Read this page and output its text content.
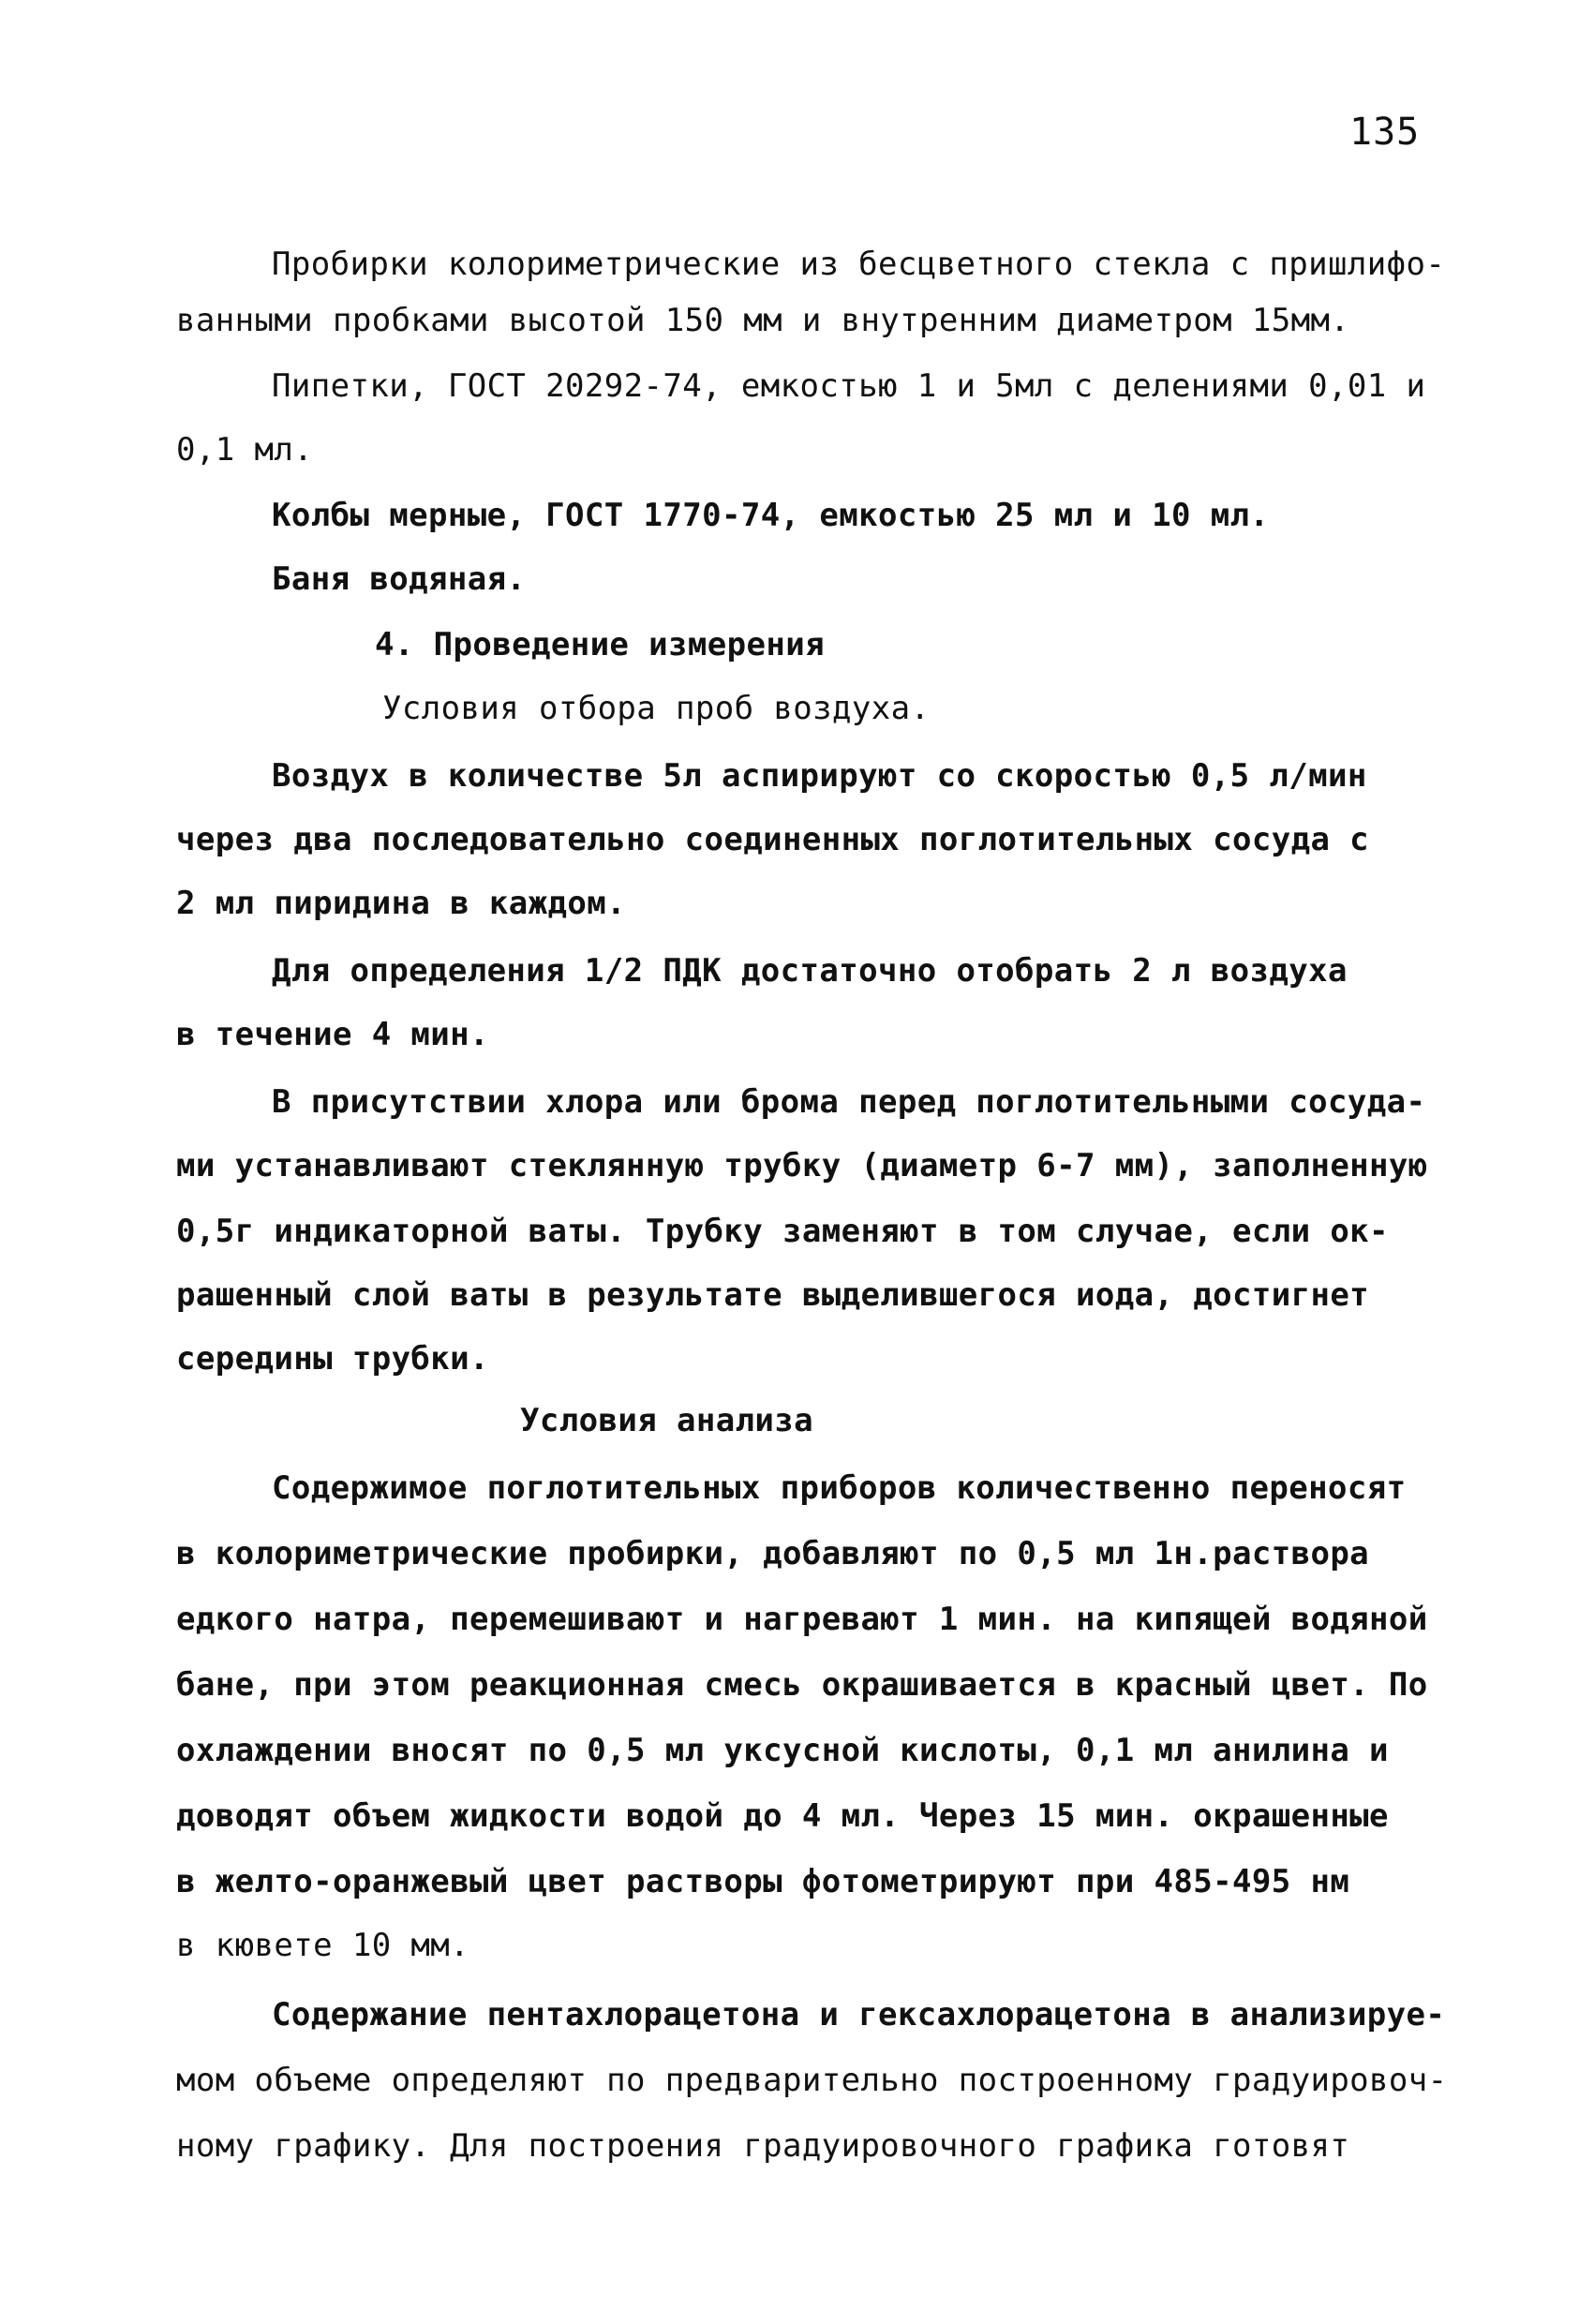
135
Пробирки колориметрические из бесцветного стекла с пришлифо-
ванными пробками высотой 150 мм и внутренним диаметром 15мм.
Пипетки, ГОСТ 20292-74, емкостью 1 и 5мл с делениями 0,01 и
0,1 мл.
Колбы мерные, ГОСТ 1770-74, емкостью 25 мл и 10 мл.
Баня водяная.
4. Проведение измерения
Условия отбора проб воздуха.
Воздух в количестве 5л аспирируют со скоростью 0,5 л/мин
через два последовательно соединенных поглотительных сосуда с
2 мл пиридина в каждом.
Для определения 1/2 ПДК достаточно отобрать 2 л воздуха
в течение 4 мин.
В присутствии хлора или брома перед поглотительными сосуда-
ми устанавливают стеклянную трубку (диаметр 6-7 мм), заполненную
0,5г индикаторной ваты. Трубку заменяют в том случае, если ок-
рашенный слой ваты в результате выделившегося иода, достигнет
середины трубки.
Условия анализа
Содержимое поглотительных приборов количественно переносят
в колориметрические пробирки, добавляют по 0,5 мл 1н.раствора
едкого натра, перемешивают и нагревают 1 мин. на кипящей водяной
бане, при этом реакционная смесь окрашивается в красный цвет. По
охлаждении вносят по 0,5 мл уксусной кислоты, 0,1 мл анилина и
доводят объем жидкости водой до 4 мл. Через 15 мин. окрашенные
в желто-оранжевый цвет растворы фотометрируют при 485-495 нм
в кювете 10 мм.
Содержание пентахлорацетона и гексахлорацетона в анализируе-
мом объеме определяют по предварительно построенному градуировоч-
ному графику. Для построения градуировочного графика готовят
